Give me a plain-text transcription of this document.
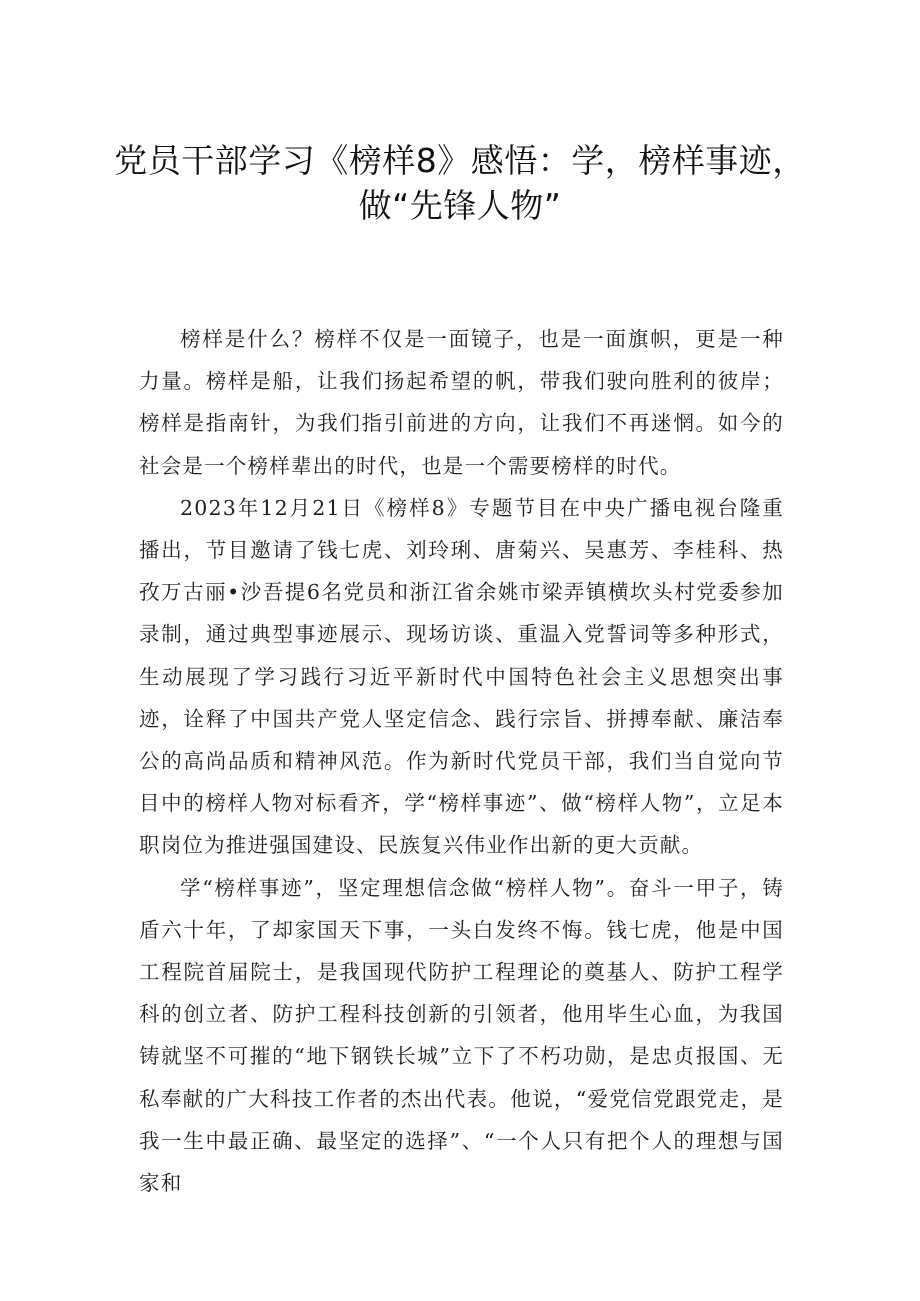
党员干部学习《榜样8》感悟：学，榜样事迹，
做“先锋人物”

榜样是什么？榜样不仅是一面镜子，也是一面旗帜，更是一种力量。榜样是船，让我们扬起希望的帆，带我们驶向胜利的彼岸；榜样是指南针，为我们指引前进的方向，让我们不再迷惘。如今的社会是一个榜样辈出的时代，也是一个需要榜样的时代。

2023年12月21日《榜样8》专题节目在中央广播电视台隆重播出，节目邀请了钱七虎、刘玲琍、唐菊兴、吴惠芳、李桂科、热孜万古丽•沙吾提6名党员和浙江省余姚市梁弄镇横坎头村党委参加录制，通过典型事迹展示、现场访谈、重温入党誓词等多种形式，生动展现了学习践行习近平新时代中国特色社会主义思想突出事迹，诠释了中国共产党人坚定信念、践行宗旨、拼搏奉献、廉洁奉公的高尚品质和精神风范。作为新时代党员干部，我们当自觉向节目中的榜样人物对标看齐，学“榜样事迹”、做“榜样人物”，立足本职岗位为推进强国建设、民族复兴伟业作出新的更大贡献。

学“榜样事迹”，坚定理想信念做“榜样人物”。奋斗一甲子，铸盾六十年，了却家国天下事，一头白发终不悔。钱七虎，他是中国工程院首届院士，是我国现代防护工程理论的奠基人、防护工程学科的创立者、防护工程科技创新的引领者，他用毕生心血，为我国铸就坚不可摧的“地下钢铁长城”立下了不朽功勋，是忠贞报国、无私奉献的广大科技工作者的杰出代表。他说，“爱党信党跟党走，是我一生中最正确、最坚定的选择”、“一个人只有把个人的理想与国家和
